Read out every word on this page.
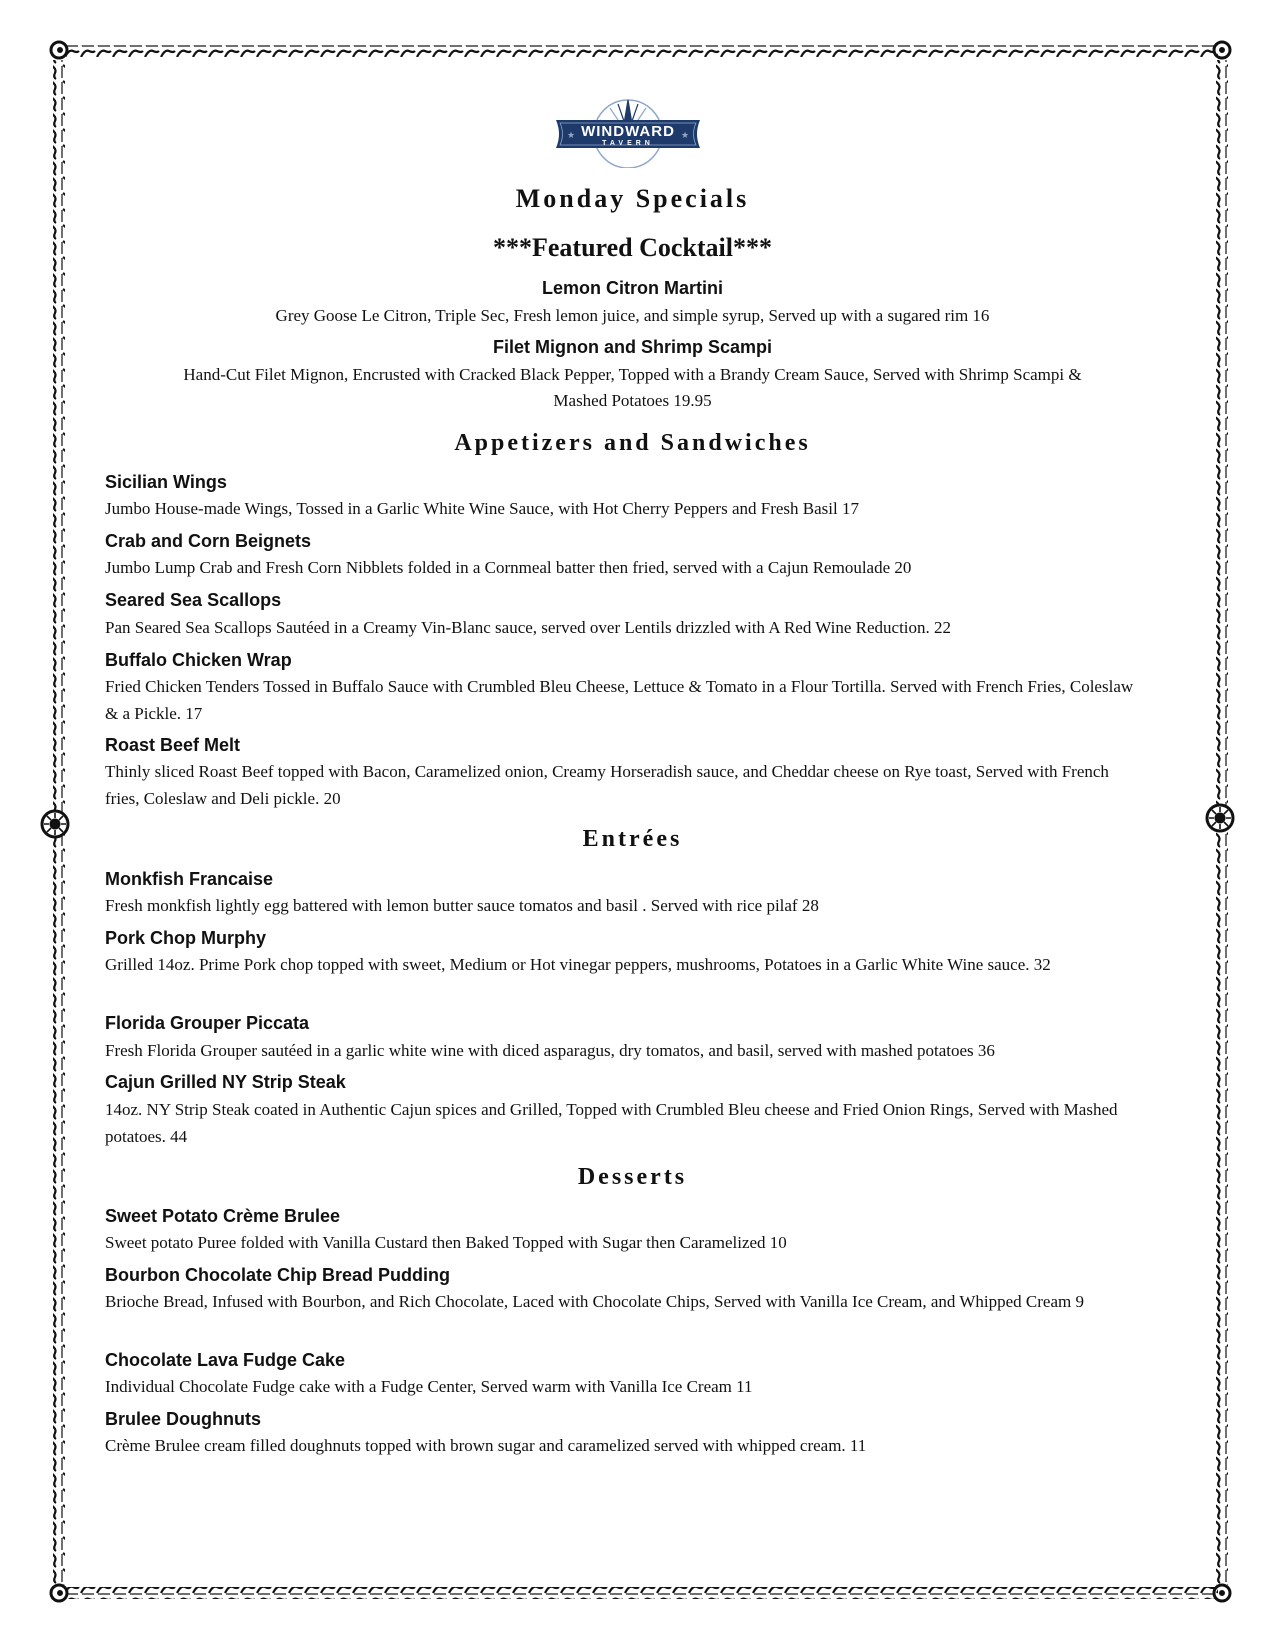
★	★
WINDWARD
TAVERN
Monday Specials
***Featured Cocktail***
Lemon Citron Martini
Grey Goose Le Citron, Triple Sec, Fresh lemon juice, and simple syrup, Served up with a sugared rim 16
Filet Mignon and Shrimp Scampi
Hand-Cut Filet Mignon, Encrusted with Cracked Black Pepper, Topped with a Brandy Cream Sauce, Served with Shrimp Scampi &
Mashed Potatoes 19.95
Appetizers and Sandwiches
Sicilian Wings
Jumbo House-made Wings, Tossed in a Garlic White Wine Sauce, with Hot Cherry Peppers and Fresh Basil 17
Crab and Corn Beignets
Jumbo Lump Crab and Fresh Corn Nibblets folded in a Cornmeal batter then fried, served with a Cajun Remoulade 20
Seared Sea Scallops
Pan Seared Sea Scallops Sautéed in a Creamy Vin-Blanc sauce, served over Lentils drizzled with A Red Wine Reduction. 22
Buffalo Chicken Wrap
Fried Chicken Tenders Tossed in Buffalo Sauce with Crumbled Bleu Cheese, Lettuce & Tomato in a Flour Tortilla. Served with French Fries, Coleslaw & a Pickle. 17
Roast Beef Melt
Thinly sliced Roast Beef topped with Bacon, Caramelized onion, Creamy Horseradish sauce, and Cheddar cheese on Rye toast, Served with French fries, Coleslaw and Deli pickle. 20
Entrées
Monkfish Francaise
Fresh monkfish lightly egg battered with lemon butter sauce tomatos and basil . Served with rice pilaf 28
Pork Chop Murphy
Grilled 14oz. Prime Pork chop topped with sweet, Medium or Hot vinegar peppers, mushrooms, Potatoes in a Garlic White Wine sauce. 32
Florida Grouper Piccata
Fresh Florida Grouper sautéed in a garlic white wine with diced asparagus, dry tomatos, and basil, served with mashed potatoes 36
Cajun Grilled NY Strip Steak
14oz. NY Strip Steak coated in Authentic Cajun spices and Grilled, Topped with Crumbled Bleu cheese and Fried Onion Rings, Served with Mashed potatoes. 44
Desserts
Sweet Potato Crème Brulee
Sweet potato Puree folded with Vanilla Custard then Baked Topped with Sugar then Caramelized 10
Bourbon Chocolate Chip Bread Pudding
Brioche Bread, Infused with Bourbon, and Rich Chocolate, Laced with Chocolate Chips, Served with Vanilla Ice Cream, and Whipped Cream 9
Chocolate Lava Fudge Cake
Individual Chocolate Fudge cake with a Fudge Center, Served warm with Vanilla Ice Cream 11
Brulee Doughnuts
Crème Brulee cream filled doughnuts topped with brown sugar and caramelized served with whipped cream. 11
